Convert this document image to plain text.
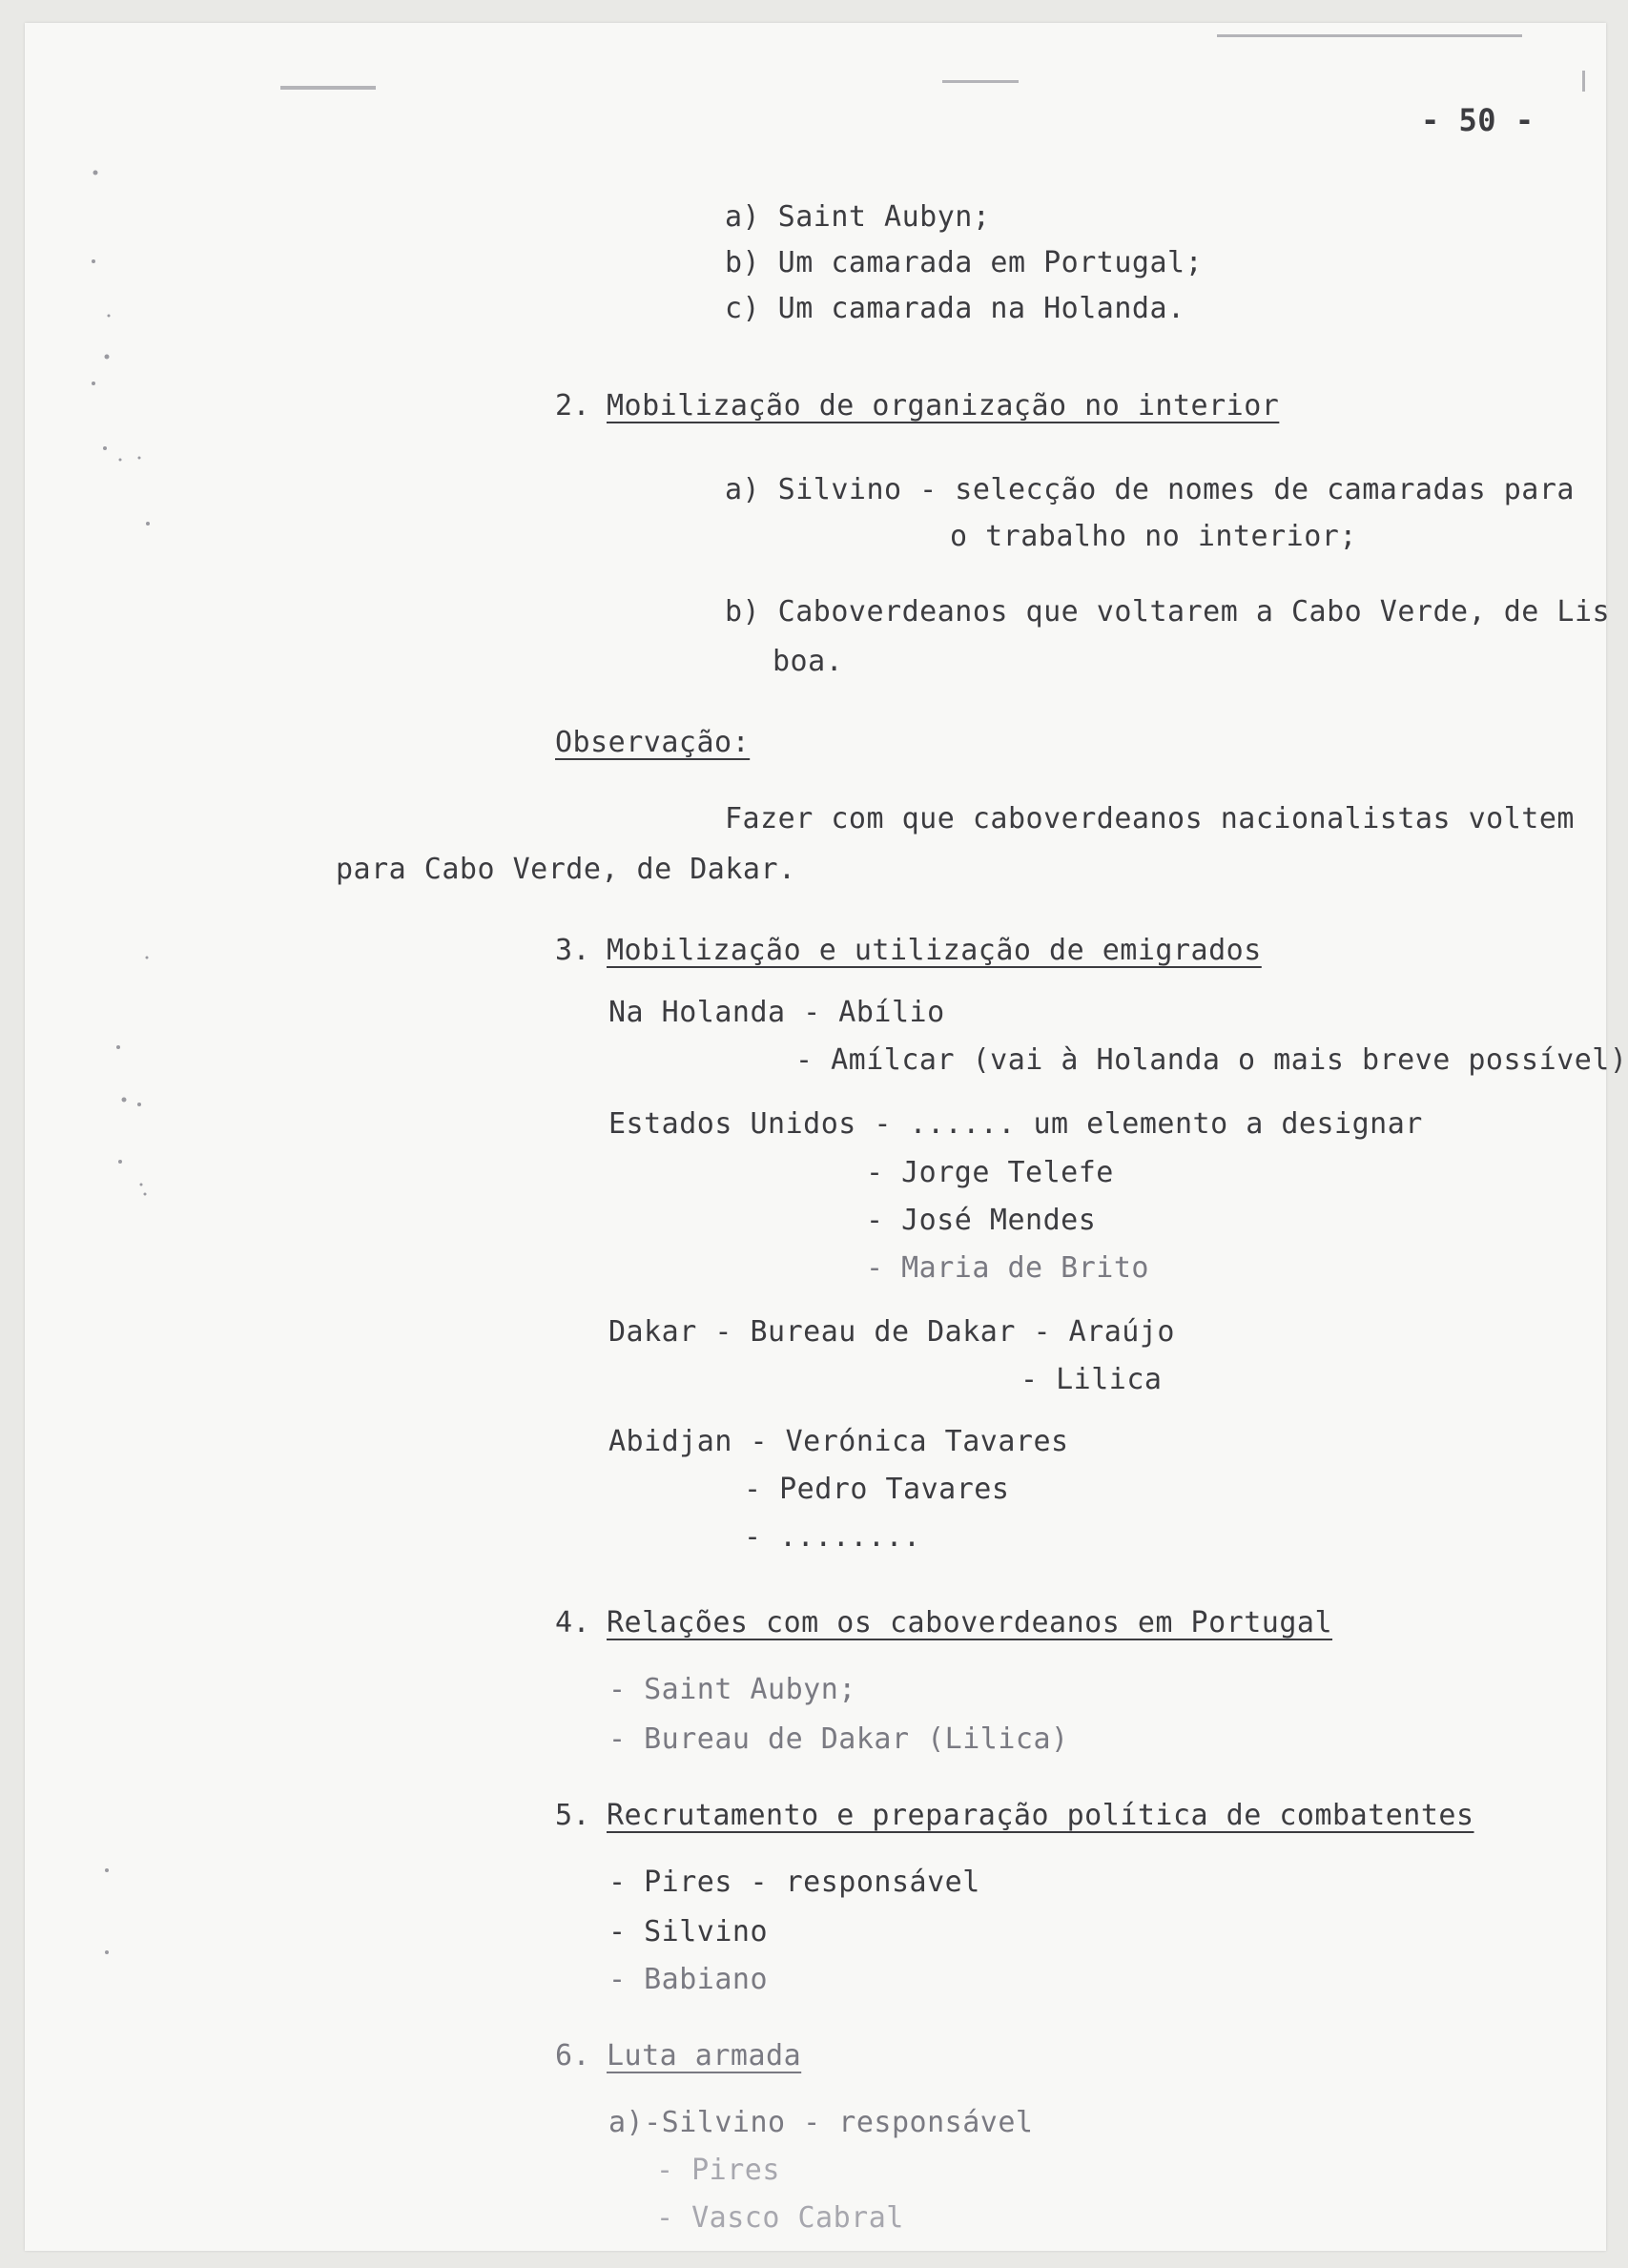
- 50 -
a) Saint Aubyn;
b) Um camarada em Portugal;
c) Um camarada na Holanda.
2. Mobilização de organização no interior
a) Silvino - selecção de nomes de camaradas para
o trabalho no interior;
b) Caboverdeanos que voltarem a Cabo Verde, de Lis
boa.
Observação:
Fazer com que caboverdeanos nacionalistas voltem
para Cabo Verde, de Dakar.
3. Mobilização e utilização de emigrados
Na Holanda - Abílio
- Amílcar (vai à Holanda o mais breve possível)
Estados Unidos - ...... um elemento a designar
- Jorge Telefe
- José Mendes
- Maria de Brito
Dakar - Bureau de Dakar - Araújo
- Lilica
Abidjan - Verónica Tavares
- Pedro Tavares
- ........
4. Relações com os caboverdeanos em Portugal
- Saint Aubyn;
- Bureau de Dakar (Lilica)
5. Recrutamento e preparação política de combatentes
- Pires - responsável
- Silvino
- Babiano
6. Luta armada
a)-Silvino - responsável
- Pires
- Vasco Cabral
